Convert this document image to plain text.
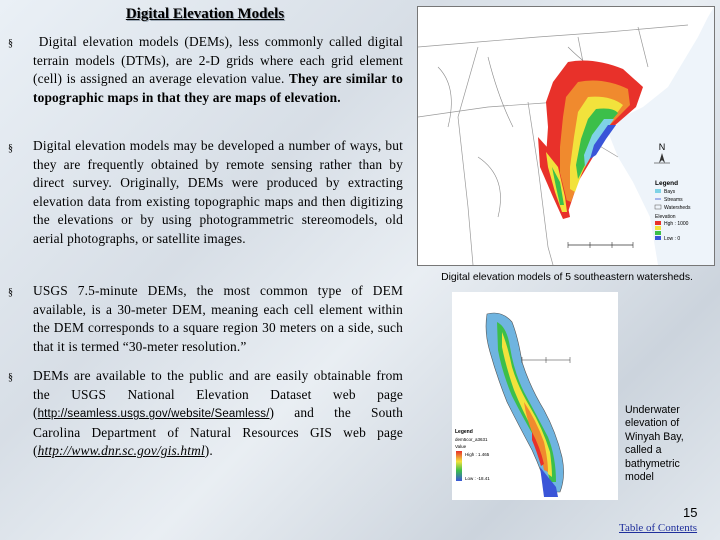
Digital Elevation Models
§	Digital elevation models (DEMs), less commonly called digital terrain models (DTMs), are 2-D grids where each grid element (cell) is assigned an average elevation value. They are similar to topographic maps in that they are maps of elevation.
§ Digital elevation models may be developed a number of ways, but they are frequently obtained by remote sensing rather than by direct survey. Originally, DEMs were produced by extracting elevation data from existing topographic maps and then digitizing the elevations or by using photogrammetric stereomodels, old aerial photographs, or satellite images.
§ USGS 7.5-minute DEMs, the most common type of DEM available, is a 30-meter DEM, meaning each cell element within the DEM corresponds to a square region 30 meters on a side, such that it is termed “30-meter resolution.”
§ DEMs are available to the public and are easily obtainable from the USGS National Elevation Dataset web page (http://seamless.usgs.gov/website/Seamless/) and the South Carolina Department of Natural Resources GIS web page (http://www.dnr.sc.gov/gis.html).
N
Legend
Bays
Streams
Watersheds
Elevation
Hgh : 1000
Low : 0
Digital elevation models of 5 southeastern watersheds.
Legend
dem5cor_a3631
Value
High : 1.465
Low : -18.41
Underwater elevation of Winyah Bay, called a bathymetric model
15
Table of Contents
